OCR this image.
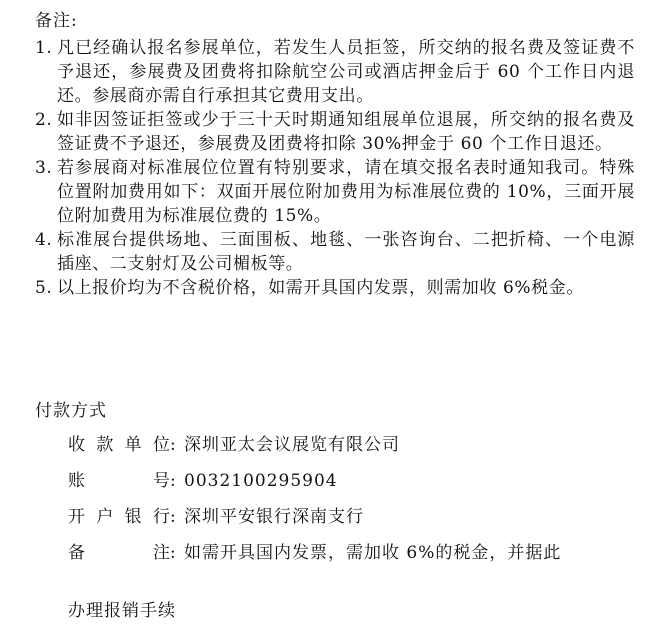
备注:
1. 凡已经确认报名参展单位，若发生人员拒签，所交纳的报名费及签证费不予退还，参展费及团费将扣除航空公司或酒店押金后于 60 个工作日内退还。参展商亦需自行承担其它费用支出。
2. 如非因签证拒签或少于三十天时期通知组展单位退展，所交纳的报名费及签证费不予退还，参展费及团费将扣除 30%押金于 60 个工作日退还。
3. 若参展商对标准展位位置有特别要求，请在填交报名表时通知我司。特殊位置附加费用如下：双面开展位附加费用为标准展位费的 10%，三面开展位附加费用为标准展位费的 15%。
4. 标准展台提供场地、三面围板、地毯、一张咨询台、二把折椅、一个电源插座、二支射灯及公司楣板等。
5. 以上报价均为不含税价格，如需开具国内发票，则需加收 6%税金。
付款方式
收款单位: 深圳亚太会议展览有限公司
账号: 0032100295904
开户银行: 深圳平安银行深南支行
备注: 如需开具国内发票，需加收 6%的税金，并据此
办理报销手续
